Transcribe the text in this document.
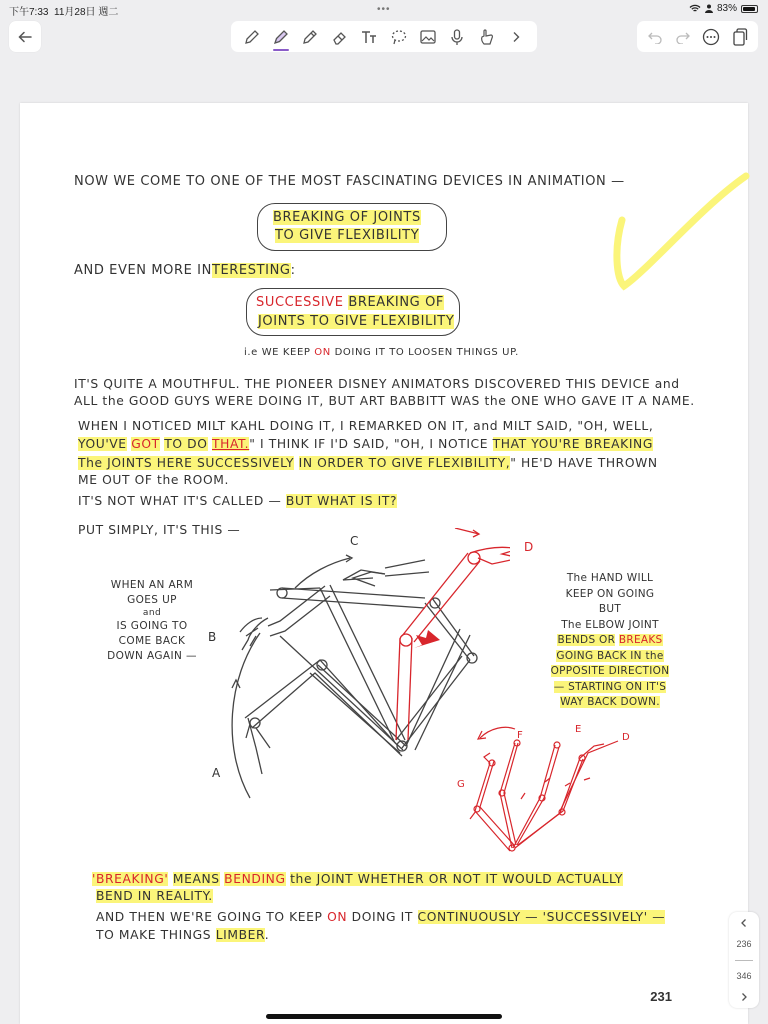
下午7:33 11月28日 週二	•••	83%
NOW WE COME TO ONE OF THE MOST FASCINATING DEVICES IN ANIMATION —
BREAKING OF JOINTS
TO GIVE FLEXIBILITY
AND EVEN MORE INTERESTING:
SUCCESSIVE BREAKING OF
JOINTS TO GIVE FLEXIBILITY
i.e WE KEEP ON DOING IT TO LOOSEN THINGS UP.
IT'S QUITE A MOUTHFUL. THE PIONEER DISNEY ANIMATORS DISCOVERED THIS DEVICE and
ALL the GOOD GUYS WERE DOING IT, BUT ART BABBITT WAS the ONE WHO GAVE IT A NAME.
WHEN I NOTICED MILT KAHL DOING IT, I REMARKED ON IT, and MILT SAID, "OH, WELL,
YOU'VE GOT TO DO THAT." I THINK IF I'D SAID, "OH, I NOTICE THAT YOU'RE BREAKING
The JOINTS HERE SUCCESSIVELY IN ORDER TO GIVE FLEXIBILITY," HE'D HAVE THROWN
ME OUT OF the ROOM.
IT'S NOT WHAT IT'S CALLED — BUT WHAT IS IT?
PUT SIMPLY, IT'S THIS —
WHEN AN ARM
GOES UP
and
IS GOING TO
COME BACK
DOWN AGAIN —
The HAND WILL
KEEP ON GOING
BUT
The ELBOW JOINT
BENDS OR BREAKS
GOING BACK IN the
OPPOSITE DIRECTION
— STARTING ON IT'S
WAY BACK DOWN.
C	D
B
A
F
E
D
G
'BREAKING' MEANS BENDING the JOINT WHETHER OR NOT IT WOULD ACTUALLY
BEND IN REALITY.
AND THEN WE'RE GOING TO KEEP ON DOING IT CONTINUOUSLY — 'SUCCESSIVELY' —
TO MAKE THINGS LIMBER.
231
236
346
